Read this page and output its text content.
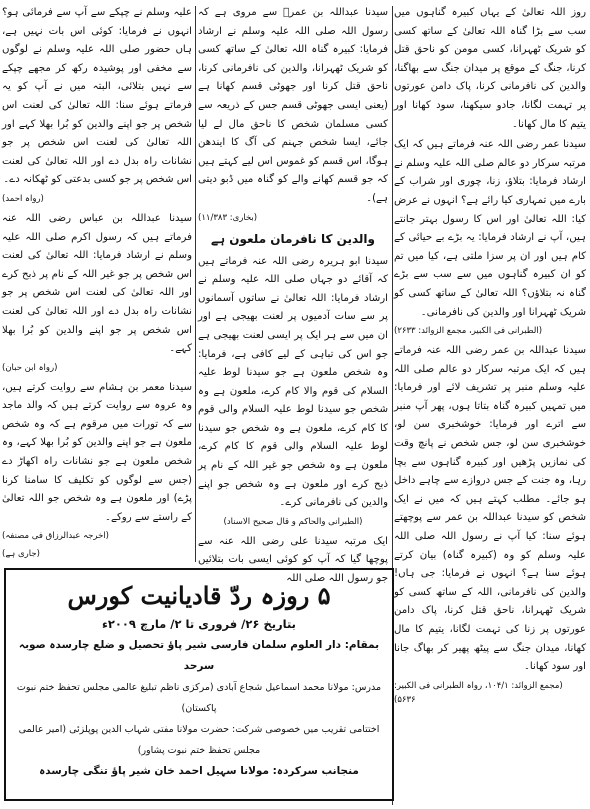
روز اللہ تعالیٰ کے یہاں کبیرہ گناہوں میں سب سے بڑا گناہ اللہ تعالیٰ کے ساتھ کسی کو شریک ٹھہرانا، کسی مومن کو ناحق قتل کرنا، جنگ کے موقع پر میدان جنگ سے بھاگنا، والدین کی نافرمانی کرنا، پاک دامن عورتوں پر تہمت لگانا، جادو سیکھنا، سود کھانا اور یتیم کا مال کھانا۔

سیدنا عمر رضی اللہ عنہ فرماتے ہیں کہ ایک مرتبہ سرکار دو عالم صلی اللہ علیہ وسلم نے ارشاد فرمایا: بتلاؤ، زنا، چوری اور شراب کے بارے میں تمہاری کیا رائے ہے؟ انہوں نے عرض کیا: اللہ تعالیٰ اور اس کا رسول بہتر جانتے ہیں، آپ نے ارشاد فرمایا: یہ بڑے بے حیائی کے کام ہیں اور ان پر سزا ملتی ہے، کیا میں تم کو ان کبیرہ گناہوں میں سے سب سے بڑے گناہ نہ بتلاؤں؟ اللہ تعالیٰ کے ساتھ کسی کو شریک ٹھہرانا اور والدین کی نافرمانی۔

(الطبرانی فی الکبیر، مجمع الزوائد: ۲۶۳۳)

سیدنا عبداللہ بن عمر رضی اللہ عنہ فرماتے ہیں کہ ایک مرتبہ سرکار دو عالم صلی اللہ علیہ وسلم منبر پر تشریف لائے اور فرمایا: میں تمہیں کبیرہ گناہ بتاتا ہوں، پھر آپ منبر سے اترے اور فرمایا: خوشخبری سن لو، خوشخبری سن لو، جس شخص نے پانچ وقت کی نمازیں پڑھیں اور کبیرہ گناہوں سے بچا رہا، وہ جنت کے جس دروازے سے چاہے داخل ہو جائے۔ مطلب کہتے ہیں کہ میں نے ایک شخص کو سیدنا عبداللہ بن عمر سے پوچھتے ہوئے سنا: کیا آپ نے رسول اللہ صلی اللہ علیہ وسلم کو وہ (کبیرہ گناہ) بیان کرتے ہوئے سنا ہے؟ انہوں نے فرمایا: جی ہاں! والدین کی نافرمانی، اللہ کے ساتھ کسی کو شریک ٹھہرانا، ناحق قتل کرنا، پاک دامن عورتوں پر زنا کی تہمت لگانا، یتیم کا مال کھانا، میدان جنگ سے پیٹھ پھیر کر بھاگ جانا اور سود کھانا۔

(مجمع الزوائد: ۱۰۴/۱، رواہ الطبرانی فی الکبیر: ۵۶۳۶)

سیدنا عبداللہ بن عمرؓ سے مروی ہے کہ رسول اللہ صلی اللہ علیہ وسلم نے ارشاد فرمایا: کبیرہ گناہ اللہ تعالیٰ کے ساتھ کسی کو شریک ٹھہرانا، والدین کی نافرمانی کرنا، ناحق قتل کرنا اور جھوٹی قسم کھانا ہے (یعنی ایسی جھوٹی قسم جس کے ذریعہ سے کسی مسلمان شخص کا ناحق مال لے لیا جائے، ایسا شخص جہنم کی آگ کا ایندھن ہوگا، اس قسم کو غموس اس لیے کہتے ہیں کہ جو قسم کھانے والے کو گناہ میں ڈبو دیتی ہے)۔

(بخاری: ۱۱/۳۸۳)
والدین کا نافرمان ملعون ہے

سیدنا ابو ہریرہ رضی اللہ عنہ فرماتے ہیں کہ آقائے دو جہاں صلی اللہ علیہ وسلم نے ارشاد فرمایا: اللہ تعالیٰ نے ساتوں آسمانوں پر سے سات آدمیوں پر لعنت بھیجی ہے اور ان میں سے ہر ایک پر ایسی لعنت بھیجی ہے جو اس کی تباہی کے لیے کافی ہے، فرمایا: وہ شخص ملعون ہے جو سیدنا لوط علیہ السلام کی قوم والا کام کرے، ملعون ہے وہ شخص جو سیدنا لوط علیہ السلام والی قوم کا کام کرے، ملعون ہے وہ شخص جو سیدنا لوط علیہ السلام والی قوم کا کام کرے، ملعون ہے وہ شخص جو غیر اللہ کے نام پر ذبح کرے اور ملعون ہے وہ شخص جو اپنے والدین کی نافرمانی کرے۔

(الطبرانی والحاکم و قال صحیح الاسناد)

ایک مرتبہ سیدنا علی رضی اللہ عنہ سے پوچھا گیا کہ آپ کو کوئی ایسی بات بتلائیں جو رسول اللہ صلی اللہ

علیہ وسلم نے چپکے سے آپ سے فرمائی ہو؟ انہوں نے فرمایا: کوئی اس بات نہیں ہے، ہاں حضور صلی اللہ علیہ وسلم نے لوگوں سے مخفی اور پوشیدہ رکھ کر مجھے چپکے سے نہیں بتلائی، البتہ میں نے آپ کو یہ فرماتے ہوئے سنا: اللہ تعالیٰ کی لعنت اس شخص پر جو اپنے والدین کو بُرا بھلا کہے اور اللہ تعالیٰ کی لعنت اس شخص پر جو نشانات راہ بدل دے اور اللہ تعالیٰ کی لعنت اس شخص پر جو کسی بدعتی کو ٹھکانہ دے۔

(رواہ احمد)

سیدنا عبداللہ بن عباس رضی اللہ عنہ فرماتے ہیں کہ رسول اکرم صلی اللہ علیہ وسلم نے ارشاد فرمایا: اللہ تعالیٰ کی لعنت اس شخص پر جو غیر اللہ کے نام پر ذبح کرے اور اللہ تعالیٰ کی لعنت اس شخص پر جو نشانات راہ بدل دے اور اللہ تعالیٰ کی لعنت اس شخص پر جو اپنے والدین کو بُرا بھلا کہے۔

(رواہ ابن حبان)

سیدنا معمر بن ہشام سے روایت کرتے ہیں، وہ عروہ سے روایت کرتے ہیں کہ والد ماجد سے کہ تورات میں مرقوم ہے کہ وہ شخص ملعون ہے جو اپنے والدین کو بُرا بھلا کہے، وہ شخص ملعون ہے جو نشانات راہ اکھاڑ دے (جس سے لوگوں کو تکلیف کا سامنا کرنا پڑے) اور ملعون ہے وہ شخص جو اللہ تعالیٰ کے راستے سے روکے۔

(اخرجہ عبدالرزاق فی مصنفہ)
(جاری ہے)
۵ روزہ ردّ قادیانیت کورس
بتاریخ ۲۶/ فروری تا ۲/ مارچ ۲۰۰۹ء
بمقام: دار العلوم سلمان فارسی شیر پاؤ تحصیل و ضلع چارسدہ صوبہ سرحد
مدرس: مولانا محمد اسماعیل شجاع آبادی (مرکزی ناظم تبلیغ عالمی مجلس تحفظ ختم نبوت پاکستان)
اختتامی تقریب میں خصوصی شرکت: حضرت مولانا مفتی شہاب الدین پوپلزئی (امیر عالمی مجلس تحفظ ختم نبوت پشاور)
منجانب سرکردہ: مولانا سہیل احمد خان شیر پاؤ تنگی چارسدہ
